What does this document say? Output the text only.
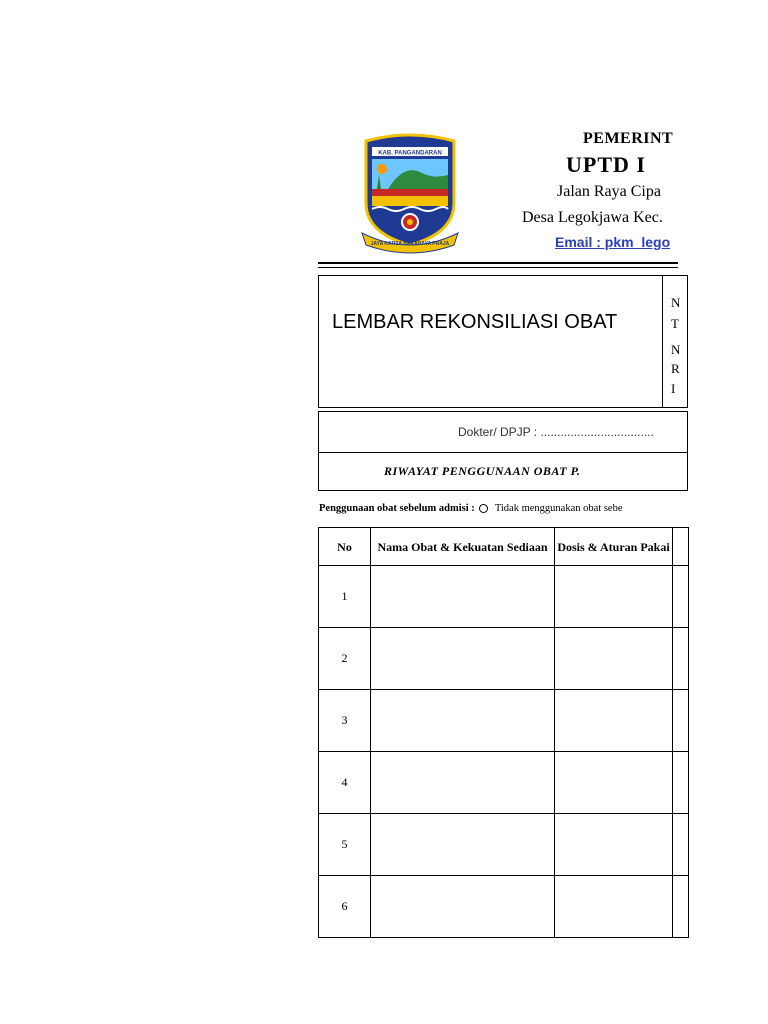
KAB. PANGANDARAN
JAYA KARSA BAKANAYA PRAJA
PEMERINT
UPTD I
Jalan Raya Cipa
Desa Legokjawa Kec.
Email : pkm_lego
LEMBAR REKONSILIASI OBAT
N
T
N
R
I
Dokter/ DPJP : ..................................
RIWAYAT PENGGUNAAN OBAT P.
Penggunaan obat sebelum admisi : Tidak menggunakan obat sebe
No	Nama Obat & Kekuatan Sediaan	Dosis & Aturan Pakai	
1			
2			
3			
4			
5			
6			
